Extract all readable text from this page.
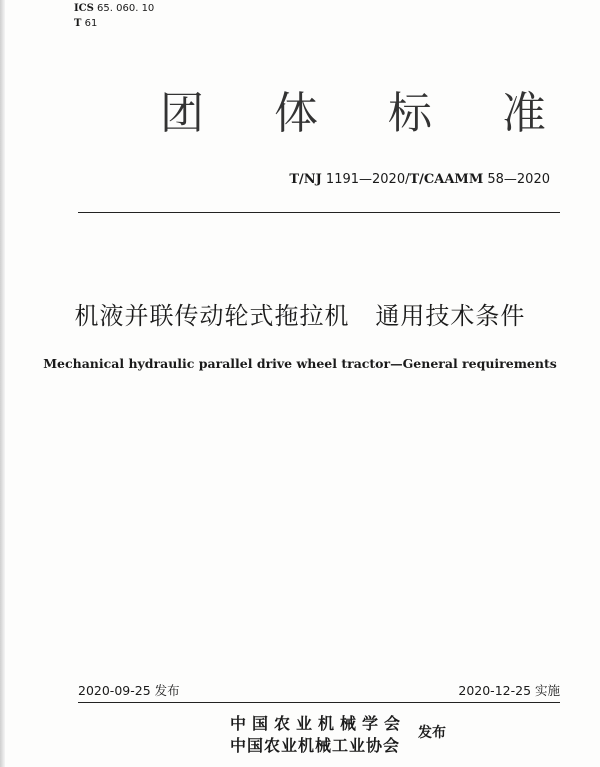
ICS 65. 060. 10
T 61
团 体 标 准
T/NJ 1191—2020/T/CAAMM 58—2020
机液并联传动轮式拖拉机   通用技术条件
Mechanical hydraulic parallel drive wheel tractor—General requirements
2020-09-25 发布	2020-12-25 实施
中国农业机械学会
中国农业机械工业协会
发布
